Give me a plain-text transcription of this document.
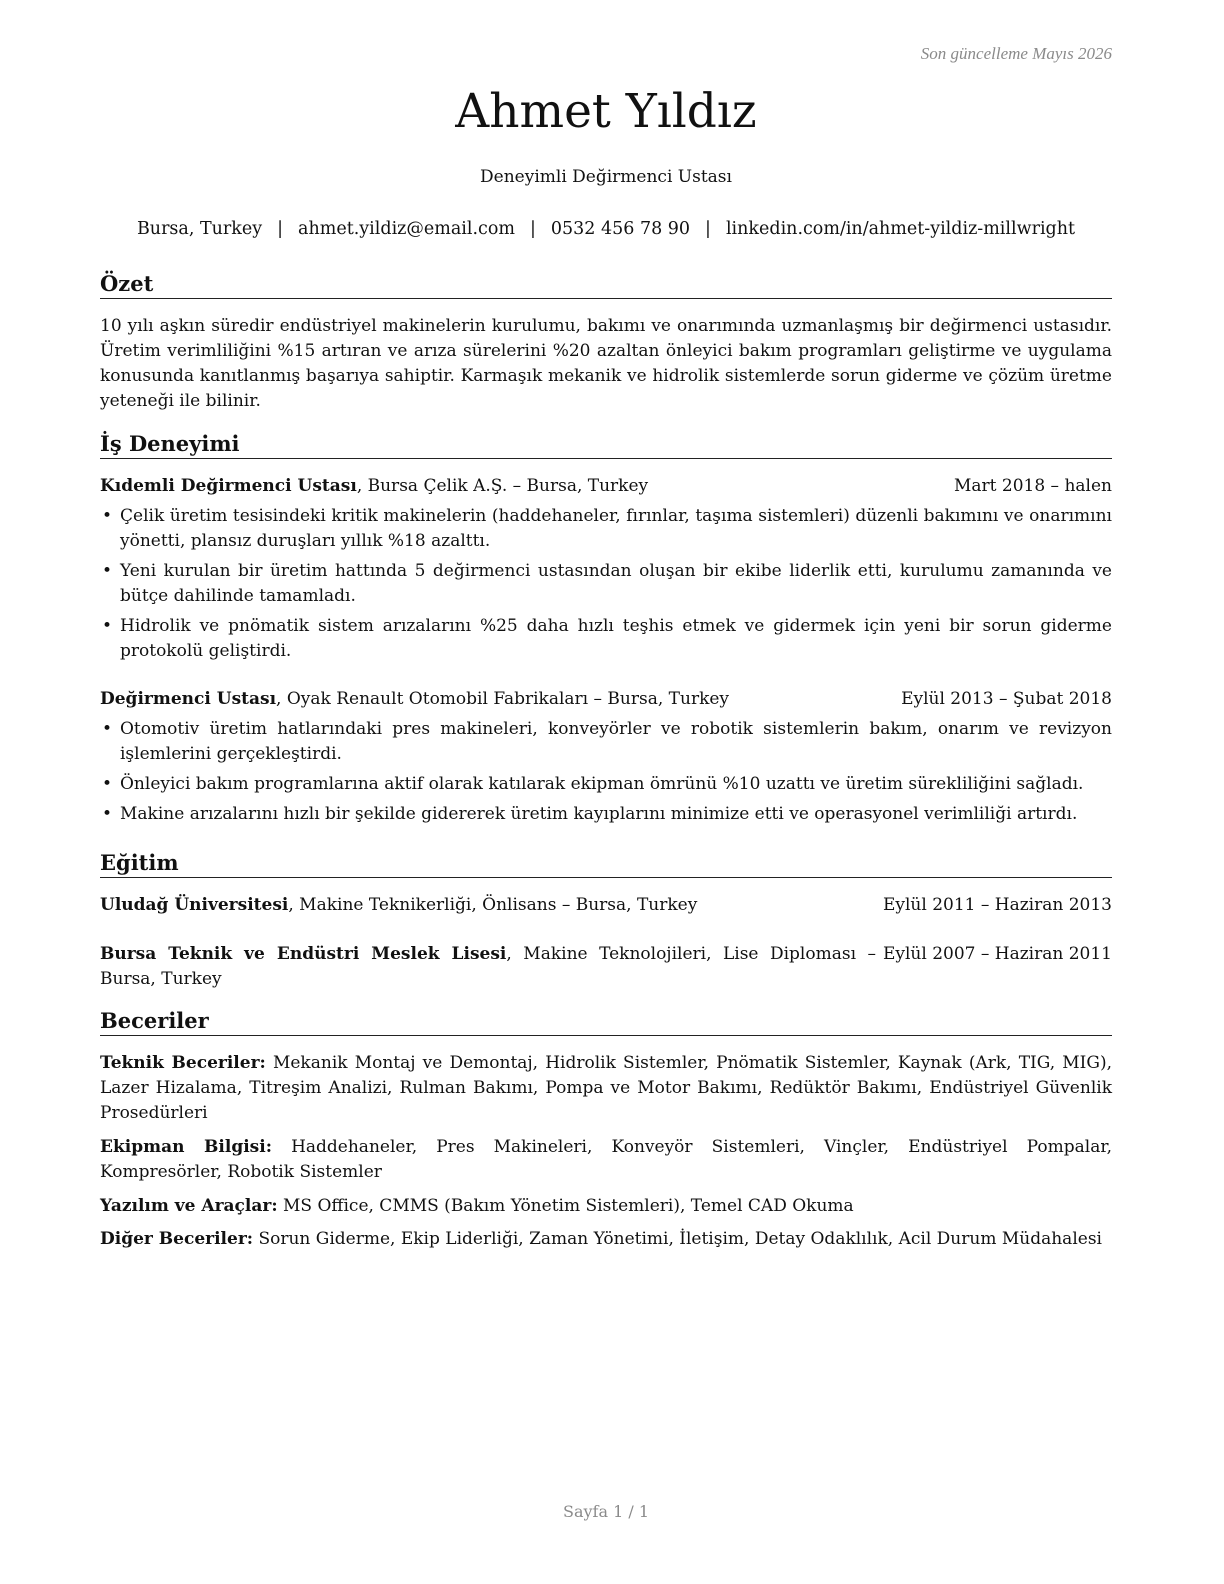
Son güncelleme Mayıs 2026
Ahmet Yıldız
Deneyimli Değirmenci Ustası
Bursa, Turkey | ahmet.yildiz@email.com | 0532 456 78 90 | linkedin.com/in/ahmet-yildiz-millwright
Özet
10 yılı aşkın süredir endüstriyel makinelerin kurulumu, bakımı ve onarımında uzmanlaşmış bir değirmenci ustasıdır. Üretim verimliliğini %15 artıran ve arıza sürelerini %20 azaltan önleyici bakım programları geliştirme ve uygulama konusunda kanıtlanmış başarıya sahiptir. Karmaşık mekanik ve hidrolik sistemlerde sorun giderme ve çözüm üretme yeteneği ile bilinir.
İş Deneyimi
Kıdemli Değirmenci Ustası, Bursa Çelik A.Ş. – Bursa, Turkey	Mart 2018 – halen
• Çelik üretim tesisindeki kritik makinelerin (haddehaneler, fırınlar, taşıma sistemleri) düzenli bakımını ve onarımını yönetti, plansız duruşları yıllık %18 azalttı.
• Yeni kurulan bir üretim hattında 5 değirmenci ustasından oluşan bir ekibe liderlik etti, kurulumu zamanında ve bütçe dahilinde tamamladı.
• Hidrolik ve pnömatik sistem arızalarını %25 daha hızlı teşhis etmek ve gidermek için yeni bir sorun giderme protokolü geliştirdi.
Değirmenci Ustası, Oyak Renault Otomobil Fabrikaları – Bursa, Turkey	Eylül 2013 – Şubat 2018
• Otomotiv üretim hatlarındaki pres makineleri, konveyörler ve robotik sistemlerin bakım, onarım ve revizyon işlemlerini gerçekleştirdi.
• Önleyici bakım programlarına aktif olarak katılarak ekipman ömrünü %10 uzattı ve üretim sürekliliğini sağladı.
• Makine arızalarını hızlı bir şekilde gidererek üretim kayıplarını minimize etti ve operasyonel verimliliği artırdı.
Eğitim
Uludağ Üniversitesi, Makine Teknikerliği, Önlisans – Bursa, Turkey	Eylül 2011 – Haziran 2013
Bursa Teknik ve Endüstri Meslek Lisesi, Makine Teknolojileri, Lise Diploması – Bursa, Turkey
Eylül 2007 – Haziran 2011
Beceriler
Teknik Beceriler: Mekanik Montaj ve Demontaj, Hidrolik Sistemler, Pnömatik Sistemler, Kaynak (Ark, TIG, MIG), Lazer Hizalama, Titreşim Analizi, Rulman Bakımı, Pompa ve Motor Bakımı, Redüktör Bakımı, Endüstriyel Güvenlik Prosedürleri
Ekipman Bilgisi: Haddehaneler, Pres Makineleri, Konveyör Sistemleri, Vinçler, Endüstriyel Pompalar, Kompresörler, Robotik Sistemler
Yazılım ve Araçlar: MS Office, CMMS (Bakım Yönetim Sistemleri), Temel CAD Okuma
Diğer Beceriler: Sorun Giderme, Ekip Liderliği, Zaman Yönetimi, İletişim, Detay Odaklılık, Acil Durum Müdahalesi
Sayfa 1 / 1
